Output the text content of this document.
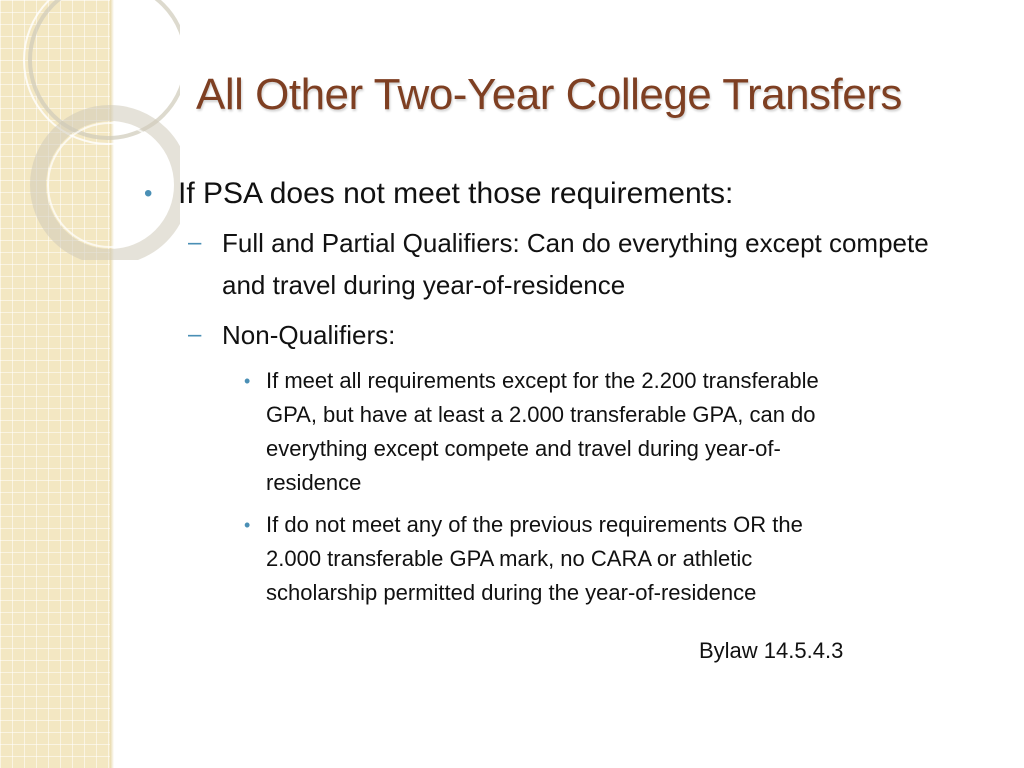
All Other Two-Year College Transfers

• If PSA does not meet those requirements:

– Full and Partial Qualifiers: Can do everything except compete and travel during year-of-residence

– Non-Qualifiers:

• If meet all requirements except for the 2.200 transferable GPA, but have at least a 2.000 transferable GPA, can do everything except compete and travel during year-of-residence

• If do not meet any of the previous requirements OR the 2.000 transferable GPA mark, no CARA or athletic scholarship permitted during the year-of-residence

Bylaw 14.5.4.3
